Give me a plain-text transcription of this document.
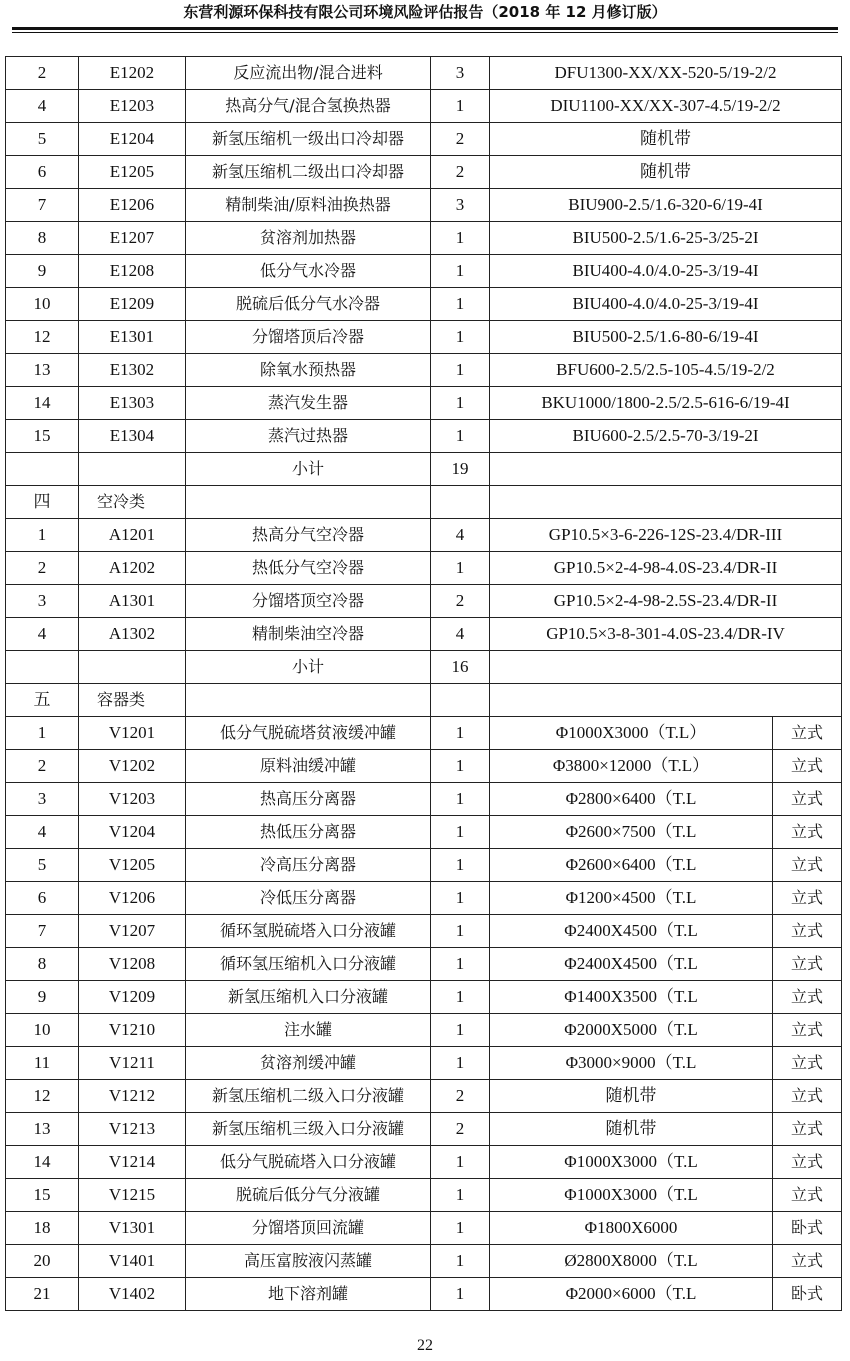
东营利源环保科技有限公司环境风险评估报告（2018 年 12 月修订版）
2	E1202	反应流出物/混合进料	3	DFU1300-XX/XX-520-5/19-2/2	
4	E1203	热高分气/混合氢换热器	1	DIU1100-XX/XX-307-4.5/19-2/2	
5	E1204	新氢压缩机一级出口冷却器	2	随机带	
6	E1205	新氢压缩机二级出口冷却器	2	随机带	
7	E1206	精制柴油/原料油换热器	3	BIU900-2.5/1.6-320-6/19-4I	
8	E1207	贫溶剂加热器	1	BIU500-2.5/1.6-25-3/25-2I	
9	E1208	低分气水冷器	1	BIU400-4.0/4.0-25-3/19-4I	
10	E1209	脱硫后低分气水冷器	1	BIU400-4.0/4.0-25-3/19-4I	
12	E1301	分馏塔顶后冷器	1	BIU500-2.5/1.6-80-6/19-4I	
13	E1302	除氧水预热器	1	BFU600-2.5/2.5-105-4.5/19-2/2	
14	E1303	蒸汽发生器	1	BKU1000/1800-2.5/2.5-616-6/19-4I	
15	E1304	蒸汽过热器	1	BIU600-2.5/2.5-70-3/19-2I	
		小计	19		
四	空冷类				
1	A1201	热高分气空冷器	4	GP10.5×3-6-226-12S-23.4/DR-III	
2	A1202	热低分气空冷器	1	GP10.5×2-4-98-4.0S-23.4/DR-II	
3	A1301	分馏塔顶空冷器	2	GP10.5×2-4-98-2.5S-23.4/DR-II	
4	A1302	精制柴油空冷器	4	GP10.5×3-8-301-4.0S-23.4/DR-IV	
		小计	16		
五	容器类				
1	V1201	低分气脱硫塔贫液缓冲罐	1	Φ1000X3000（T.L）	立式
2	V1202	原料油缓冲罐	1	Φ3800×12000（T.L）	立式
3	V1203	热高压分离器	1	Φ2800×6400（T.L	立式
4	V1204	热低压分离器	1	Φ2600×7500（T.L	立式
5	V1205	冷高压分离器	1	Φ2600×6400（T.L	立式
6	V1206	冷低压分离器	1	Φ1200×4500（T.L	立式
7	V1207	循环氢脱硫塔入口分液罐	1	Φ2400X4500（T.L	立式
8	V1208	循环氢压缩机入口分液罐	1	Φ2400X4500（T.L	立式
9	V1209	新氢压缩机入口分液罐	1	Φ1400X3500（T.L	立式
10	V1210	注水罐	1	Φ2000X5000（T.L	立式
11	V1211	贫溶剂缓冲罐	1	Φ3000×9000（T.L	立式
12	V1212	新氢压缩机二级入口分液罐	2	随机带	立式
13	V1213	新氢压缩机三级入口分液罐	2	随机带	立式
14	V1214	低分气脱硫塔入口分液罐	1	Φ1000X3000（T.L	立式
15	V1215	脱硫后低分气分液罐	1	Φ1000X3000（T.L	立式
18	V1301	分馏塔顶回流罐	1	Φ1800X6000	卧式
20	V1401	高压富胺液闪蒸罐	1	Ø2800X8000（T.L	立式
21	V1402	地下溶剂罐	1	Φ2000×6000（T.L	卧式
22
